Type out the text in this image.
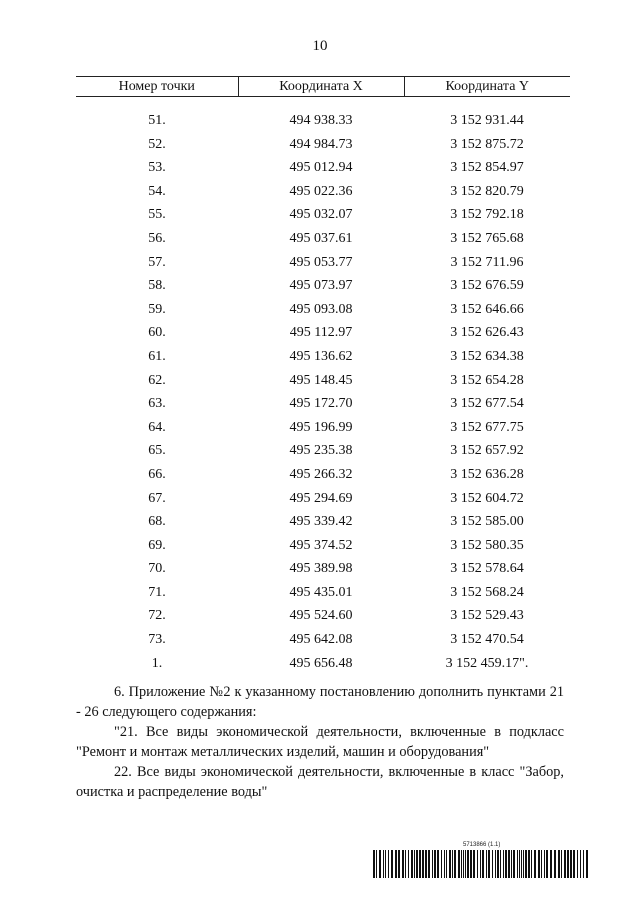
10
Номер точки	Координата X	Координата Y

51.	494 938.33	3 152 931.44
52.	494 984.73	3 152 875.72
53.	495 012.94	3 152 854.97
54.	495 022.36	3 152 820.79
55.	495 032.07	3 152 792.18
56.	495 037.61	3 152 765.68
57.	495 053.77	3 152 711.96
58.	495 073.97	3 152 676.59
59.	495 093.08	3 152 646.66
60.	495 112.97	3 152 626.43
61.	495 136.62	3 152 634.38
62.	495 148.45	3 152 654.28
63.	495 172.70	3 152 677.54
64.	495 196.99	3 152 677.75
65.	495 235.38	3 152 657.92
66.	495 266.32	3 152 636.28
67.	495 294.69	3 152 604.72
68.	495 339.42	3 152 585.00
69.	495 374.52	3 152 580.35
70.	495 389.98	3 152 578.64
71.	495 435.01	3 152 568.24
72.	495 524.60	3 152 529.43
73.	495 642.08	3 152 470.54
1.	495 656.48	3 152 459.17".

6. Приложение №2 к указанному постановлению дополнить пунктами 21 - 26 следующего содержания:

"21. Все виды экономической деятельности, включенные в подкласс "Ремонт и монтаж металлических изделий, машин и оборудования"

22. Все виды экономической деятельности, включенные в класс "Забор, очистка и распределение воды"

5713866 (1.1)
